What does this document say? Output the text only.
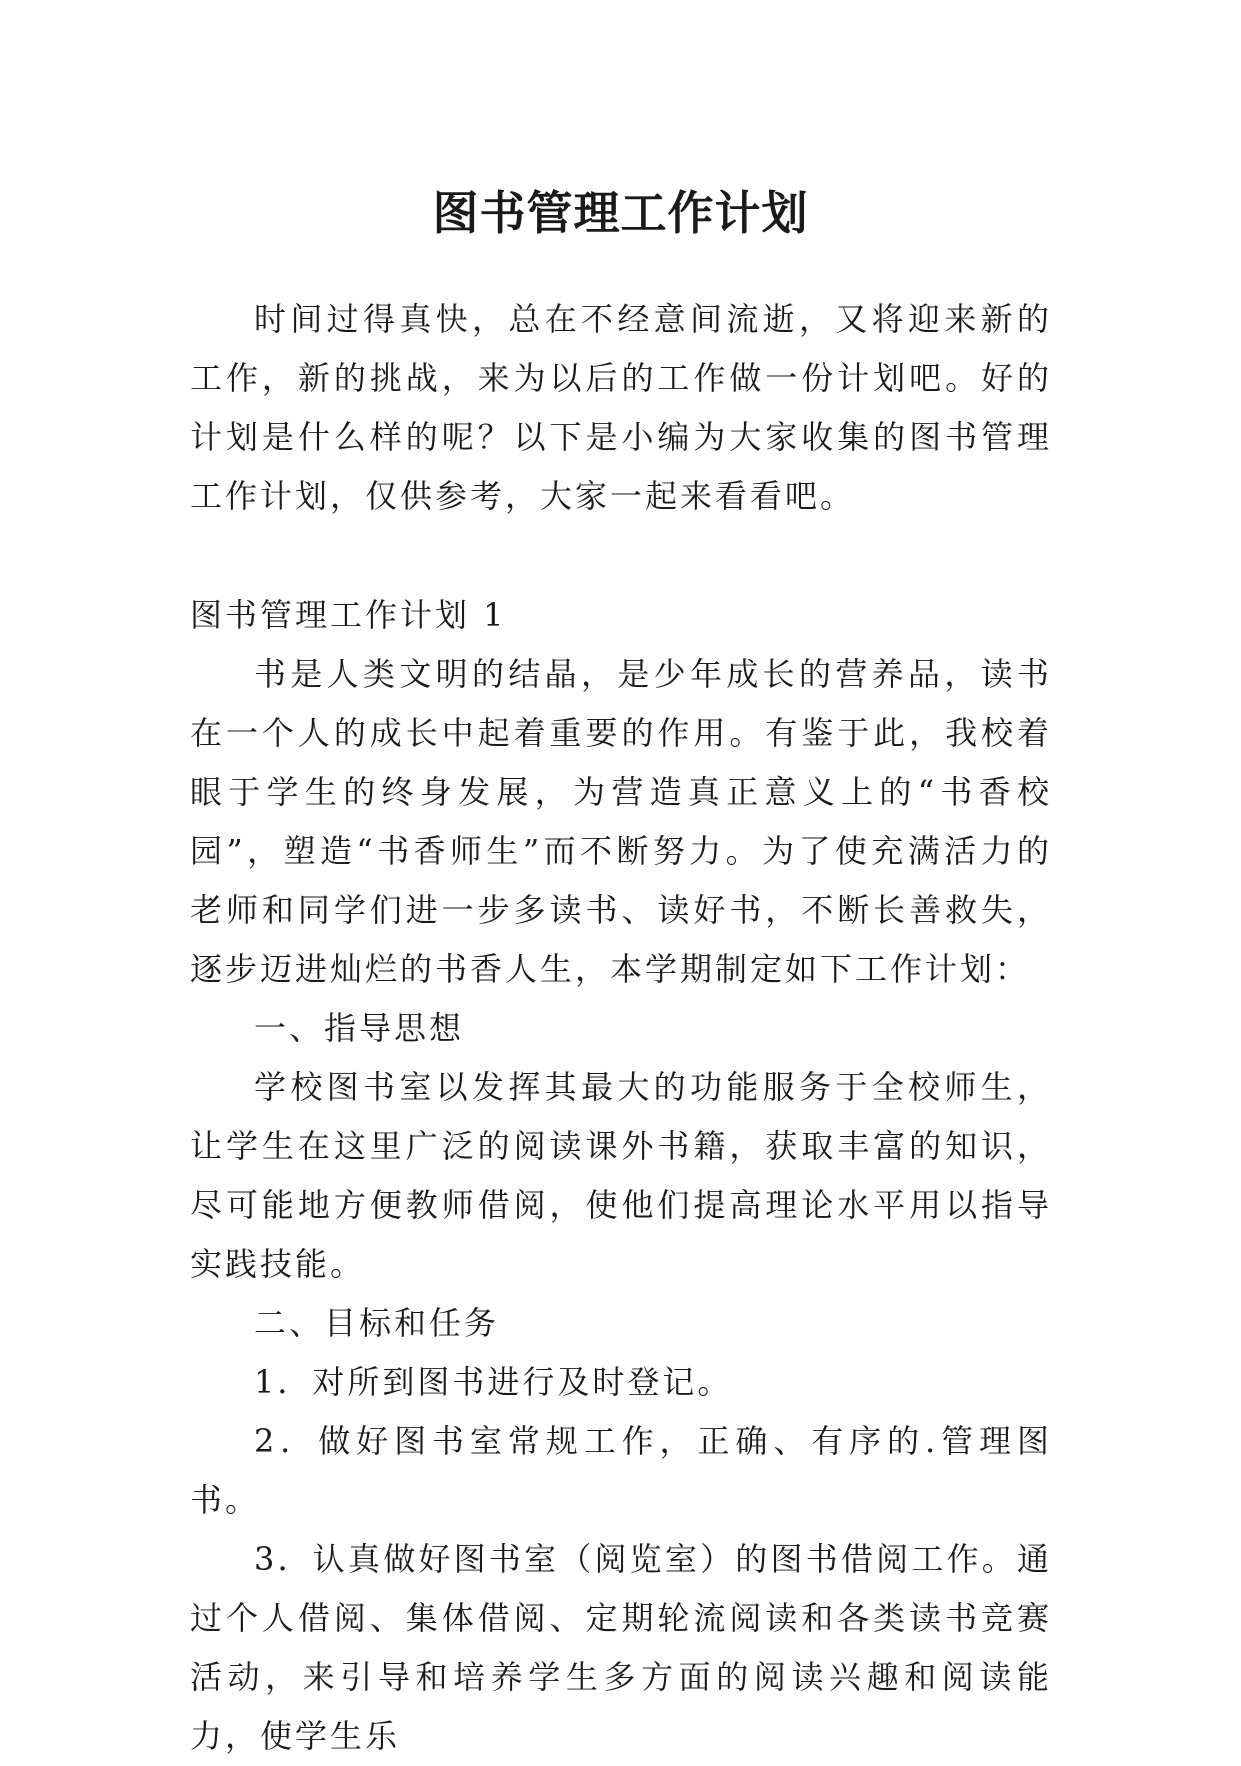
图书管理工作计划

时间过得真快，总在不经意间流逝，又将迎来新的工作，新的挑战，来为以后的工作做一份计划吧。好的计划是什么样的呢？以下是小编为大家收集的图书管理工作计划，仅供参考，大家一起来看看吧。

图书管理工作计划 1

书是人类文明的结晶，是少年成长的营养品，读书在一个人的成长中起着重要的作用。有鉴于此，我校着眼于学生的终身发展，为营造真正意义上的“书香校园”，塑造“书香师生”而不断努力。为了使充满活力的老师和同学们进一步多读书、读好书，不断长善救失，逐步迈进灿烂的书香人生，本学期制定如下工作计划：

一、指导思想

学校图书室以发挥其最大的功能服务于全校师生，让学生在这里广泛的阅读课外书籍，获取丰富的知识，尽可能地方便教师借阅，使他们提高理论水平用以指导实践技能。

二、目标和任务

1．对所到图书进行及时登记。

2．做好图书室常规工作，正确、有序的.管理图书。

3．认真做好图书室（阅览室）的图书借阅工作。通过个人借阅、集体借阅、定期轮流阅读和各类读书竞赛活动，来引导和培养学生多方面的阅读兴趣和阅读能力，使学生乐
